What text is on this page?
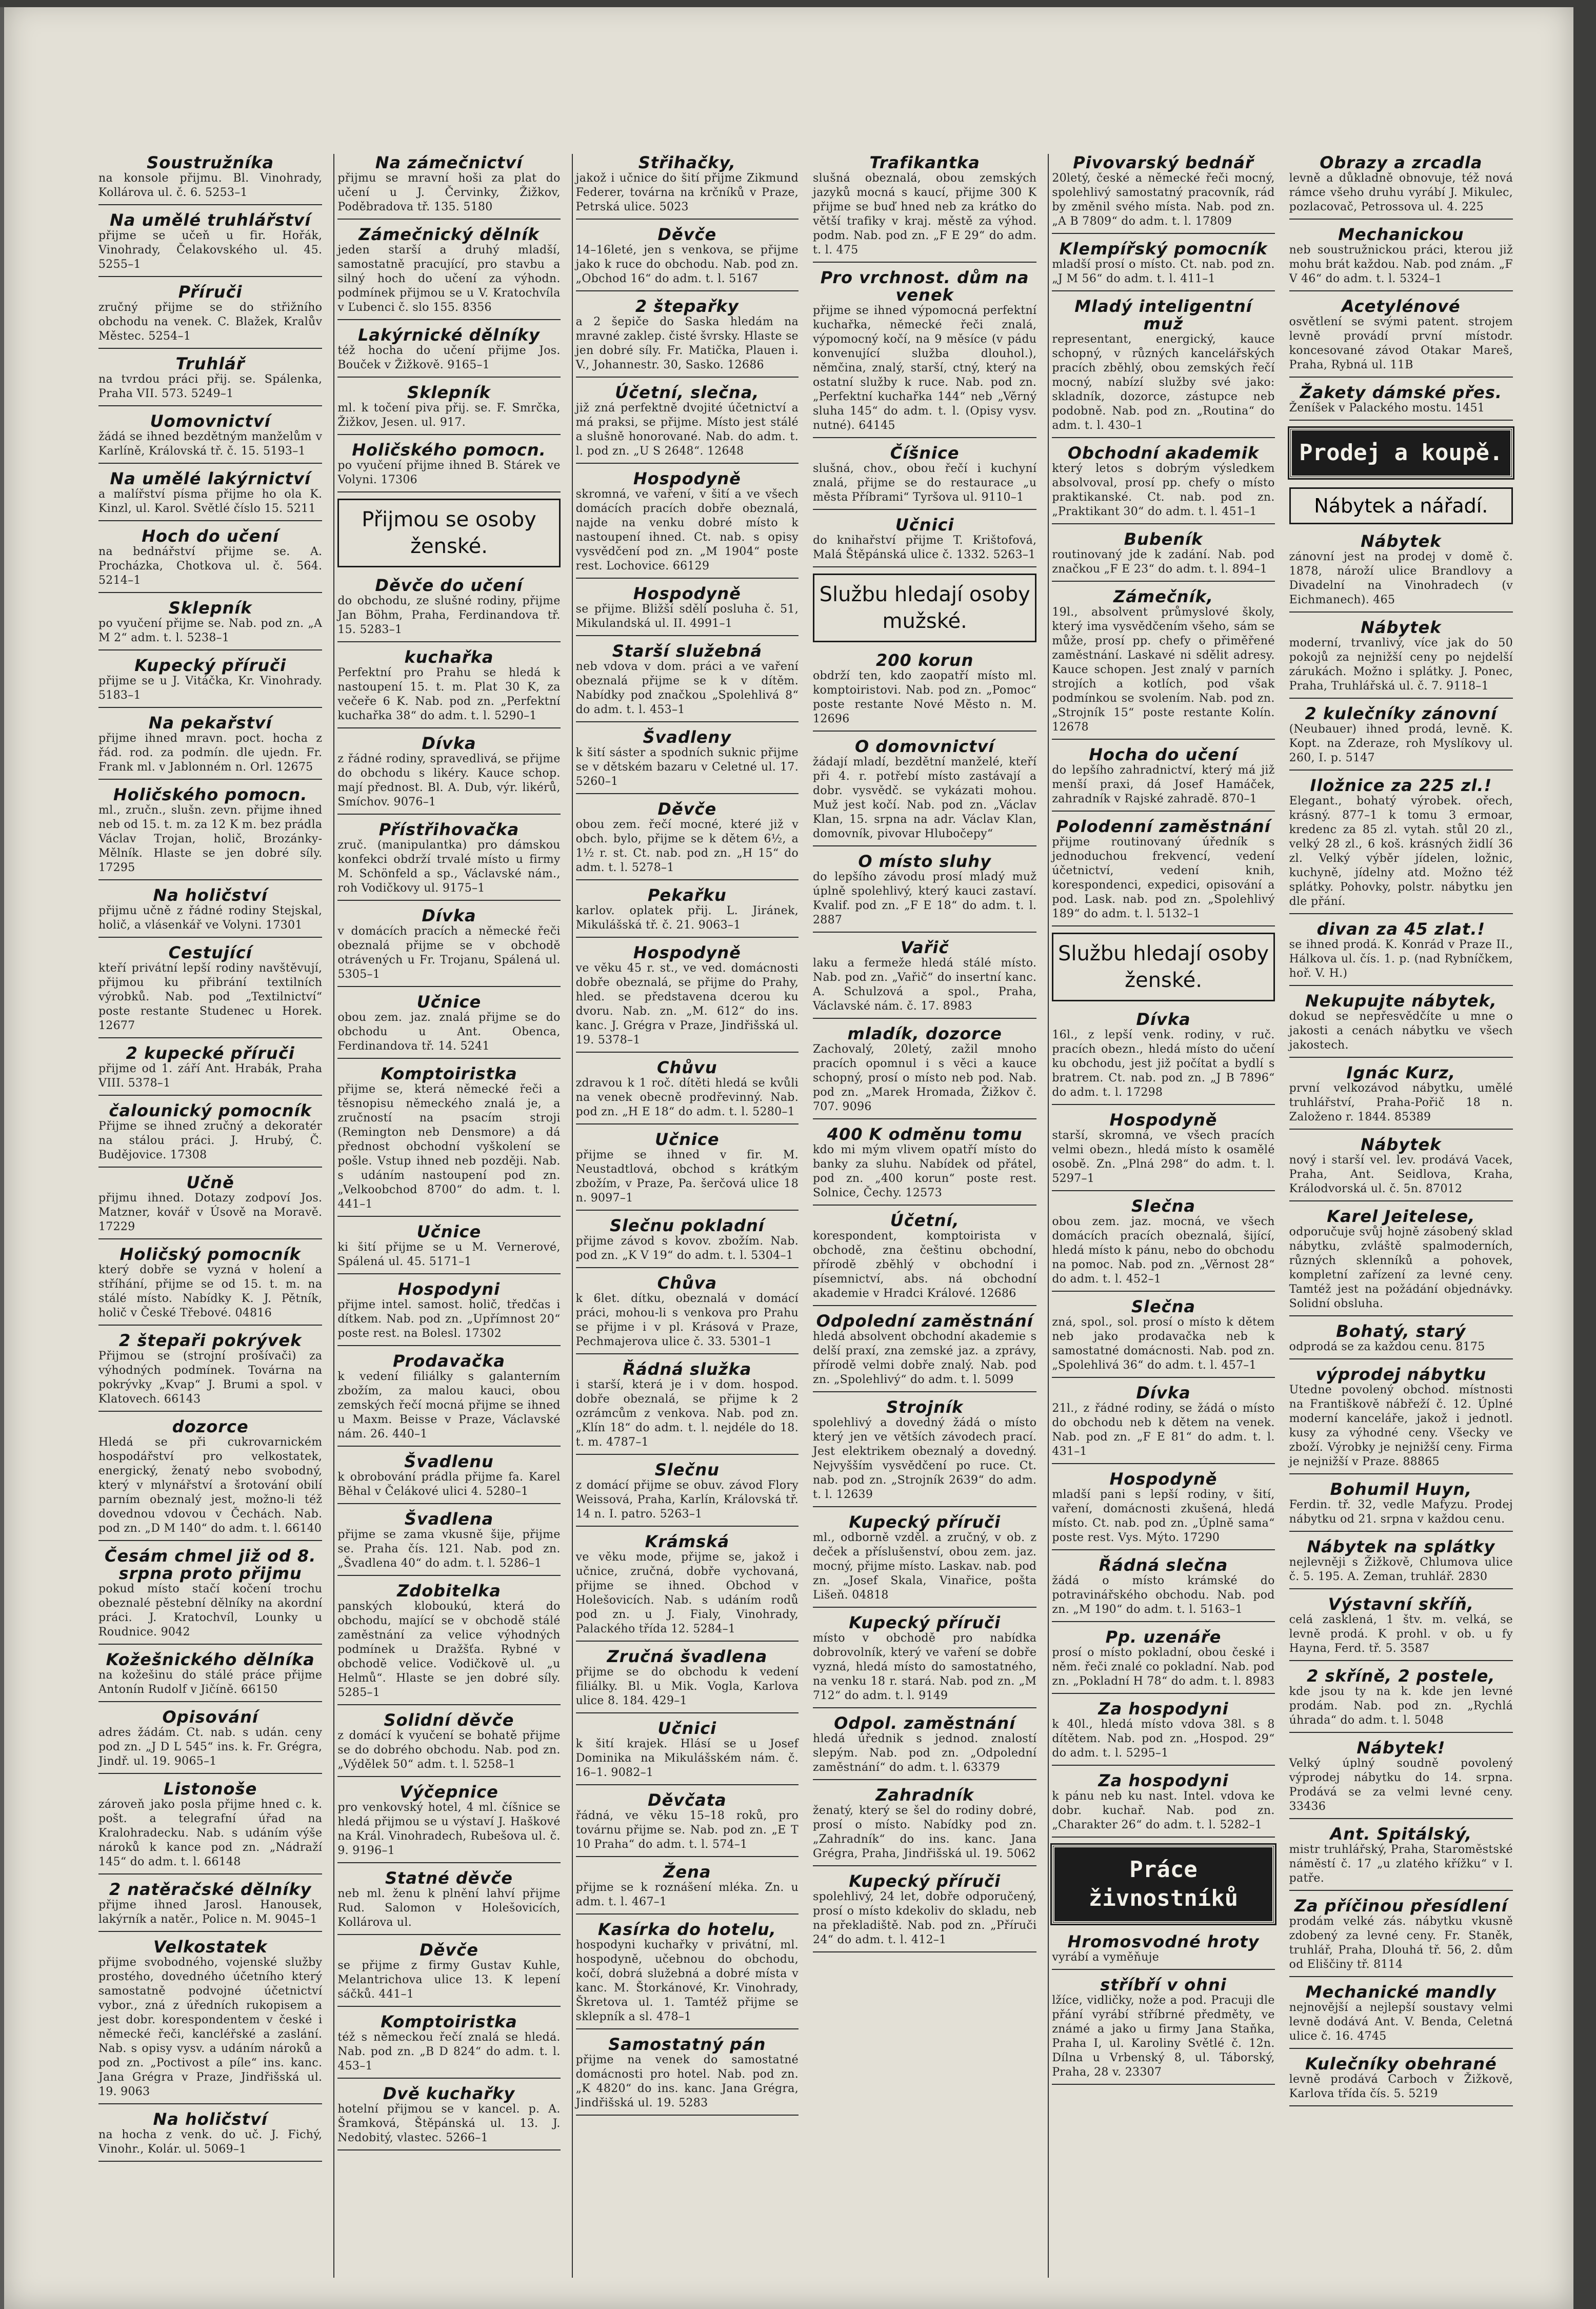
Soustružníka
na konsole přijmu. Bl. Vinohrady, Kollárova ul. č. 6. 5253–1
Na umělé truhlářství
přijme se učeň u fir. Hořák, Vinohrady, Čelakovského ul. 45. 5255–1
Příruči
zručný přijme se do střižního obchodu na venek. C. Blažek, Kralův Městec. 5254–1
Truhlář
na tvrdou práci přij. se. Spálenka, Praha VII. 573. 5249–1
Uomovnictví
žádá se ihned bezdětným manželům v Karlíně, Královská tř. č. 15. 5193–1
Na umělé lakýrnictví
a malířství písma přijme ho ola K. Kinzl, ul. Karol. Světlé číslo 15. 5211
Hoch do učení
na bednářství přijme se. A. Procházka, Chotkova ul. č. 564. 5214–1
Sklepník
po vyučení přijme se. Nab. pod zn. „A M 2“ adm. t. l. 5238–1
Kupecký příruči
přijme se u J. Vitáčka, Kr. Vinohrady. 5183–1
Na pekařství
přijme ihned mravn. poct. hocha z řád. rod. za podmín. dle ujedn. Fr. Frank ml. v Jablonném n. Orl. 12675
Holičského pomocn.
ml., zručn., slušn. zevn. přijme ihned neb od 15. t. m. za 12 K m. bez prádla Václav Trojan, holič, Brozánky-Mělník. Hlaste se jen dobré síly. 17295
Na holičství
přijmu učně z řádné rodiny Stejskal, holič, a vlásenkář ve Volyni. 17301
Cestující
kteří privátní lepší rodiny navštěvují, přijmou ku přibrání textilních výrobků. Nab. pod „Textilnictví“ poste restante Studenec u Horek. 12677
2 kupecké příruči
přijme od 1. září Ant. Hrabák, Praha VIII. 5378–1
čalounický pomocník
Přijme se ihned zručný a dekoratér na stálou práci. J. Hrubý, Č. Budějovice. 17308
Učně
přijmu ihned. Dotazy zodpoví Jos. Matzner, kovář v Úsově na Moravě. 17229
Holičský pomocník
který dobře se vyzná v holení a stříhání, přijme se od 15. t. m. na stálé místo. Nabídky K. J. Pětník, holič v České Třebové. 04816
2 štepaři pokrývek
Přijmou se (strojní prošívači) za výhodných podmínek. Továrna na pokrývky „Kvap“ J. Brumi a spol. v Klatovech. 66143
dozorce
Hledá se při cukrovarnickém hospodářství pro velkostatek, energický, ženatý nebo svobodný, který v mlynářství a šrotování obilí parním obeznalý jest, možno-li též dovednou vdovou v Čechách. Nab. pod zn. „D M 140“ do adm. t. l. 66140
Česám chmel již od 8. srpna proto přijmu
pokud místo stačí kočení trochu obeznalé pěstební dělníky na akordní práci. J. Kratochvíl, Lounky u Roudnice. 9042
Kožešnického dělníka
na kožešinu do stálé práce přijme Antonín Rudolf v Jičíně. 66150
Opisování
adres žádám. Ct. nab. s udán. ceny pod zn. „J D L 545“ ins. k. Fr. Grégra, Jindř. ul. 19. 9065–1
Listonoše
zároveň jako posla přijme hned c. k. pošt. a telegrafní úřad na Kralohradecku. Nab. s udáním výše nároků k kance pod zn. „Nádraží 145“ do adm. t. l. 66148
2 natěračské dělníky
přijme ihned Jarosl. Hanousek, lakýrník a natěr., Police n. M. 9045–1
Velkostatek
přijme svobodného, vojenské služby prostého, dovedného účetního který samostatně podvojné účetnictví vybor., zná z úředních rukopisem a jest dobr. korespondentem v české i německé řeči, kancléřské a zaslání. Nab. s opisy vysv. a udáním nároků a pod zn. „Poctivost a píle“ ins. kanc. Jana Grégra v Praze, Jindřišská ul. 19. 9063
Na holičství
na hocha z venk. do uč. J. Fichý, Vinohr., Kolár. ul. 5069–1
Na zámečnictví
přijmu se mravní hoši za plat do učení u J. Červinky, Žižkov, Poděbradova tř. 135. 5180
Zámečnický dělník
jeden starší a druhý mladší, samostatně pracující, pro stavbu a silný hoch do učení za výhodn. podmínek přijmou se u V. Kratochvíla v Ľubenci č. slo 155. 8356
Lakýrnické dělníky
též hocha do učení přijme Jos. Bouček v Žižkově. 9165–1
Sklepník
ml. k točení piva přij. se. F. Smrčka, Žižkov, Jesen. ul. 917.
Holičského pomocn.
po vyučení přijme ihned B. Stárek ve Volyni. 17306
Přijmou se osoby ženské.
Děvče do učení
do obchodu, ze slušné rodiny, přijme Jan Böhm, Praha, Ferdinandova tř. 15. 5283–1
kuchařka
Perfektní pro Prahu se hledá k nastoupení 15. t. m. Plat 30 K, za večeře 6 K. Nab. pod zn. „Perfektní kuchařka 38“ do adm. t. l. 5290–1
Dívka
z řádné rodiny, spravedlivá, se přijme do obchodu s likéry. Kauce schop. mají přednost. Bl. A. Dub, výr. likérů, Smíchov. 9076–1
Přístřihovačka
zruč. (manipulantka) pro dámskou konfekci obdrží trvalé místo u firmy M. Schönfeld a sp., Václavské nám., roh Vodičkovy ul. 9175–1
Dívka
v domácích pracích a německé řeči obeznalá přijme se v obchodě otrávených u Fr. Trojanu, Spálená ul. 5305–1
Učnice
obou zem. jaz. znalá přijme se do obchodu u Ant. Obenca, Ferdinandova tř. 14. 5241
Komptoiristka
přijme se, která německé řeči a těsnopisu německého znalá je, a zručností na psacím stroji (Remington neb Densmore) a dá přednost obchodní vyškolení se pošle. Vstup ihned neb později. Nab. s udáním nastoupení pod zn. „Velkoobchod 8700“ do adm. t. l. 441–1
Učnice
ki šití přijme se u M. Vernerové, Spálená ul. 45. 5171–1
Hospodyni
přijme intel. samost. holič, tředčas i dítkem. Nab. pod zn. „Upřímnost 20“ poste rest. na Bolesl. 17302
Prodavačka
k vedení filiálky s galanterním zbožím, za malou kauci, obou zemských řečí mocná přijme se ihned u Maxm. Beisse v Praze, Václavské nám. 26. 440–1
Švadlenu
k obrobování prádla přijme fa. Karel Běhal v Čelákové ulici 4. 5280–1
Švadlena
přijme se zama vkusně šije, přijme se. Praha čís. 121. Nab. pod zn. „Švadlena 40“ do adm. t. l. 5286–1
Zdobitelka
panských kloboukú, která do obchodu, mající se v obchodě stálé zaměstnání za velice výhodných podmínek u Dražšťa. Rybné v obchodě velice. Vodičkově ul. „u Helmů“. Hlaste se jen dobré síly. 5285–1
Solidní děvče
z domácí k vyučení se bohatě přijme se do dobrého obchodu. Nab. pod zn. „Výdělek 50“ adm. t. l. 5258–1
Výčepnice
pro venkovský hotel, 4 ml. číšnice se hledá přijmou se u výstaví J. Haškové na Král. Vinohradech, Rubešova ul. č. 9. 9196–1
Statné děvče
neb ml. ženu k plnění lahví přijme Rud. Salomon v Holešovicích, Kollárova ul.
Děvče
se přijme z firmy Gustav Kuhle, Melantrichova ulice 13. K lepení sáčků. 441–1
Komptoiristka
též s německou řečí znalá se hledá. Nab. pod zn. „B D 824“ do adm. t. l. 453–1
Dvě kuchařky
hotelní přijmou se v kancel. p. A. Šramková, Štěpánská ul. 13. J. Nedobitý, vlastec. 5266–1
Střihačky,
jakož i učnice do šití přijme Zikmund Federer, továrna na krčníků v Praze, Petrská ulice. 5023
Děvče
14–16leté, jen s venkova, se přijme jako k ruce do obchodu. Nab. pod zn. „Obchod 16“ do adm. t. l. 5167
2 štepařky
a 2 šepiče do Saska hledám na mravné zaklep. čisté švrsky. Hlaste se jen dobré síly. Fr. Matička, Plauen i. V., Johannestr. 30, Sasko. 12686
Účetní, slečna,
již zná perfektně dvojité účetnictví a má praksi, se přijme. Místo jest stálé a slušně honorované. Nab. do adm. t. l. pod zn. „U S 2648“. 12648
Hospodyně
skromná, ve vaření, v šití a ve všech domácích pracích dobře obeznalá, najde na venku dobré místo k nastoupení ihned. Ct. nab. s opisy vysvědčení pod zn. „M 1904“ poste rest. Lochovice. 66129
Hospodyně
se přijme. Bližší sdělí posluha č. 51, Mikulandská ul. II. 4991–1
Starší služebná
neb vdova v dom. práci a ve vaření obeznalá přijme se k v dítěm. Nabídky pod značkou „Spolehlivá 8“ do adm. t. l. 453–1
Švadleny
k šití sáster a spodních suknic přijme se v dětském bazaru v Celetné ul. 17. 5260–1
Děvče
obou zem. řečí mocné, které již v obch. bylo, přijme se k dětem 6½, a 1½ r. st. Ct. nab. pod zn. „H 15“ do adm. t. l. 5278–1
Pekařku
karlov. oplatek přij. L. Jiránek, Mikulášská tř. č. 21. 9063–1
Hospodyně
ve věku 45 r. st., ve ved. domácnosti dobře obeznalá, se přijme do Prahy, hled. se představena dcerou ku dvoru. Nab. zn. „M. 612“ do ins. kanc. J. Grégra v Praze, Jindřišská ul. 19. 5378–1
Chůvu
zdravou k 1 roč. dítěti hledá se kvůli na venek obecně prodřevinný. Nab. pod zn. „H E 18“ do adm. t. l. 5280–1
Učnice
přijme se ihned v fir. M. Neustadtlová, obchod s krátkým zbožím, v Praze, Pa. šerčová ulice 18 n. 9097–1
Slečnu pokladní
přijme závod s kovov. zbožím. Nab. pod zn. „K V 19“ do adm. t. l. 5304–1
Chůva
k 6let. dítku, obeznalá v domácí práci, mohou-li s venkova pro Prahu se přijme i v pl. Krásová v Praze, Pechmajerova ulice č. 33. 5301–1
Řádná služka
i starší, která je i v dom. hospod. dobře obeznalá, se přijme k 2 ozrámcům z venkova. Nab. pod zn. „Klín 18“ do adm. t. l. nejdéle do 18. t. m. 4787–1
Slečnu
z domácí přijme se obuv. závod Flory Weissová, Praha, Karlín, Královská tř. 14 n. I. patro. 5263–1
Krámská
ve věku mode, přijme se, jakož i učnice, zručná, dobře vychovaná, přijme se ihned. Obchod v Holešovicích. Nab. s udáním rodů pod zn. u J. Fialy, Vinohrady, Palackého třída 12. 5284–1
Zručná švadlena
přijme se do obchodu k vedení filiálky. Bl. u Mik. Vogla, Karlova ulice 8. 184. 429–1
Učnici
k šití krajek. Hlásí se u Josef Dominika na Mikulášském nám. č. 16–1. 9082–1
Děvčata
řádná, ve věku 15–18 roků, pro továrnu přijme se. Nab. pod zn. „E T 10 Praha“ do adm. t. l. 574–1
Žena
přijme se k roznášení mléka. Zn. u adm. t. l. 467–1
Kasírka do hotelu,
hospodyni kuchařky v privátní, ml. hospodyně, učebnou do obchodu, kočí, dobrá služebná a dobré místa v kanc. M. Štorkánové, Kr. Vinohrady, Škretova ul. 1. Tamtéž přijme se sklepník a sl. 478–1
Samostatný pán
přijme na venek do samostatné domácnosti pro hotel. Nab. pod zn. „K 4820“ do ins. kanc. Jana Grégra, Jindřišská ul. 19. 5283
Trafikantka
slušná obeznalá, obou zemských jazyků mocná s kaucí, přijme 300 K přijme se buď hned neb za krátko do větší trafiky v kraj. městě za výhod. podm. Nab. pod zn. „F E 29“ do adm. t. l. 475
Pro vrchnost. dům na venek
přijme se ihned výpomocná perfektní kuchařka, německé řeči znalá, výpomocný kočí, na 9 měsíce (v pádu konvenující služba dlouhol.), němčina, znalý, starší, ctný, který na ostatní služby k ruce. Nab. pod zn. „Perfektní kuchařka 144“ neb „Věrný sluha 145“ do adm. t. l. (Opisy vysv. nutné). 64145
Číšnice
slušná, chov., obou řečí i kuchyní znalá, přijme se do restaurace „u města Příbrami“ Tyršova ul. 9110–1
Učnici
do knihařství přijme T. Krištofová, Malá Štěpánská ulice č. 1332. 5263–1
Službu hledají osoby mužské.
200 korun
obdrží ten, kdo zaopatří místo ml. komptoiristovi. Nab. pod zn. „Pomoc“ poste restante Nové Město n. M. 12696
O domovnictví
žádají mladí, bezdětní manželé, kteří při 4. r. potřebí místo zastávají a dobr. vysvědč. se vykázati mohou. Muž jest kočí. Nab. pod zn. „Václav Klan, 15. srpna na adr. Václav Klan, domovník, pivovar Hlubočepy“
O místo sluhy
do lepšího závodu prosí mladý muž úplně spolehlivý, který kauci zastaví. Kvalif. pod zn. „F E 18“ do adm. t. l. 2887
Vařič
laku a fermeže hledá stálé místo. Nab. pod zn. „Vařič“ do insertní kanc. A. Schulzová a spol., Praha, Václavské nám. č. 17. 8983
mladík, dozorce
Zachovalý, 20letý, zažil mnoho pracích opomnul i s věci a kauce schopný, prosí o místo neb pod. Nab. pod zn. „Marek Hromada, Žižkov č. 707. 9096
400 K odměnu tomu
kdo mi mým vlivem opatří místo do banky za sluhu. Nabídek od přátel, pod zn. „400 korun“ poste rest. Solnice, Čechy. 12573
Účetní,
korespondent, komptoirista v obchodě, zna češtinu obchodní, přírodě zběhlý v obchodní i písemnictví, abs. ná obchodní akademie v Hradci Králové. 12686
Odpolední zaměstnání
hledá absolvent obchodní akademie s delší praxí, zna zemské jaz. a zprávy, přírodě velmi dobře znalý. Nab. pod zn. „Spolehlivý“ do adm. t. l. 5099
Strojník
spolehlivý a dovedný žádá o místo který jen ve větších závodech prací. Jest elektrikem obeznalý a dovedný. Nejvyšším vysvědčení po ruce. Ct. nab. pod zn. „Strojník 2639“ do adm. t. l. 12639
Kupecký příruči
ml., odborně vzděl. a zručný, v ob. z deček a příslušenství, obou zem. jaz. mocný, přijme místo. Laskav. nab. pod zn. „Josef Skala, Vinařice, pošta Lišeň. 04818
Kupecký příruči
místo v obchodě pro nabídka dobrovolník, který ve vaření se dobře vyzná, hledá místo do samostatného, na venku 18 r. stará. Nab. pod zn. „M 712“ do adm. t. l. 9149
Odpol. zaměstnání
hledá úřednik s jednod. znalostí slepým. Nab. pod zn. „Odpolední zaměstnání“ do adm. t. l. 63379
Zahradník
ženatý, který se šel do rodiny dobré, prosí o místo. Nabídky pod zn. „Zahradník“ do ins. kanc. Jana Grégra, Praha, Jindřišská ul. 19. 5062
Kupecký příruči
spolehlivý, 24 let, dobře odporučený, prosí o místo kdekoliv do skladu, neb na překladiště. Nab. pod zn. „Příruči 24“ do adm. t. l. 412–1
Pivovarský bednář
20letý, české a německé řeči mocný, spolehlivý samostatný pracovník, rád by změnil svého místa. Nab. pod zn. „A B 7809“ do adm. t. l. 17809
Klempířský pomocník
mladší prosí o místo. Ct. nab. pod zn. „J M 56“ do adm. t. l. 411–1
Mladý inteligentní muž
representant, energický, kauce schopný, v různých kancelářských pracích zběhlý, obou zemských řečí mocný, nabízí služby své jako: skladník, dozorce, zástupce neb podobně. Nab. pod zn. „Routina“ do adm. t. l. 430–1
Obchodní akademik
který letos s dobrým výsledkem absolvoval, prosí pp. chefy o místo praktikanské. Ct. nab. pod zn. „Praktikant 30“ do adm. t. l. 451–1
Bubeník
routinovaný jde k zadání. Nab. pod značkou „F E 23“ do adm. t. l. 894–1
Zámečník,
19l., absolvent průmyslové školy, který ima vysvědčením všeho, sám se může, prosí pp. chefy o přiměřené zaměstnání. Laskavé ni sdělit adresy. Kauce schopen. Jest znalý v parních strojích a kotlích, pod však podmínkou se svolením. Nab. pod zn. „Strojník 15“ poste restante Kolín. 12678
Hocha do učení
do lepšího zahradnictví, který má již menší praxi, dá Josef Hamáček, zahradník v Rajské zahradě. 870–1
Polodenní zaměstnání
přijme routinovaný úředník s jednoduchou frekvencí, vedení účetnictví, vedení knih, korespondenci, expedici, opisování a pod. Lask. nab. pod zn. „Spolehlivý 189“ do adm. t. l. 5132–1
Službu hledají osoby ženské.
Dívka
16l., z lepší venk. rodiny, v ruč. pracích obezn., hledá místo do učení ku obchodu, jest již počítat a bydlí s bratrem. Ct. nab. pod zn. „J B 7896“ do adm. t. l. 17298
Hospodyně
starší, skromná, ve všech pracích velmi obezn., hledá místo k osamělé osobě. Zn. „Plná 298“ do adm. t. l. 5297–1
Slečna
obou zem. jaz. mocná, ve všech domácích pracích obeznalá, šijící, hledá místo k pánu, nebo do obchodu na pomoc. Nab. pod zn. „Věrnost 28“ do adm. t. l. 452–1
Slečna
zná, spol., sol. prosí o místo k dětem neb jako prodavačka neb k samostatné domácnosti. Nab. pod zn. „Spolehlivá 36“ do adm. t. l. 457–1
Dívka
21l., z řádné rodiny, se žádá o místo do obchodu neb k dětem na venek. Nab. pod zn. „F E 81“ do adm. t. l. 431–1
Hospodyně
mladší pani s lepší rodiny, v šití, vaření, domácnosti zkušená, hledá místo. Ct. nab. pod zn. „Úplně sama“ poste rest. Vys. Mýto. 17290
Řádná slečna
žádá o místo krámské do potravinářského obchodu. Nab. pod zn. „M 190“ do adm. t. l. 5163–1
Pp. uzenáře
prosí o místo pokladní, obou české i něm. řeči znalé co pokladní. Nab. pod zn. „Pokladní H 78“ do adm. t. l. 8983
Za hospodyni
k 40l., hledá místo vdova 38l. s 8 dítětem. Nab. pod zn. „Hospod. 29“ do adm. t. l. 5295–1
Za hospodyni
k pánu neb ku nast. Intel. vdova ke dobr. kuchař. Nab. pod zn. „Charakter 26“ do adm. t. l. 5282–1
Práce živnostníků
Hromosvodné hroty
vyrábí a vyměňuje
stříbří v ohni
lžíce, vidličky, nože a pod. Pracuji dle přání vyrábí stříbrné předměty, ve známé a jako u firmy Jana Staňka, Praha I, ul. Karoliny Světlé č. 12n. Dílna u Vrbenský 8, ul. Táborský, Praha, 28 v. 23307
Obrazy a zrcadla
levně a důkladně obnovuje, též nová rámce všeho druhu vyrábí J. Mikulec, pozlacovač, Petrossova ul. 4. 225
Mechanickou
neb soustružnickou práci, kterou již mohu brát každou. Nab. pod znám. „F V 46“ do adm. t. l. 5324–1
Acetylénové
osvětlení se svými patent. strojem levně provádí první místodr. koncesované závod Otakar Mareš, Praha, Rybná ul. 11B
Žakety dámské přes.
Ženíšek v Palackého mostu. 1451
Prodej a koupě.
Nábytek a nářadí.
Nábytek
zánovní jest na prodej v domě č. 1878, nároží ulice Brandlovy a Divadelní na Vinohradech (v Eichmanech). 465
Nábytek
moderní, trvanlivý, více jak do 50 pokojů za nejnižší ceny po nejdelší zárukách. Možno i splátky. J. Ponec, Praha, Truhlářská ul. č. 7. 9118–1
2 kulečníky zánovní
(Neubauer) ihned prodá, levně. K. Kopt. na Zderaze, roh Myslíkovy ul. 260, I. p. 5147
Iložnice za 225 zl.!
Elegant., bohatý výrobek. ořech, krásný. 877–1 k tomu 3 ermoar, kredenc za 85 zl. vytah. stůl 20 zl., velký 28 zl., 6 koš. krásných židlí 36 zl. Velký výběr jídelen, ložnic, kuchyně, jídelny atd. Možno též splátky. Pohovky, polstr. nábytku jen dle přání.
divan za 45 zlat.!
se ihned prodá. K. Konrád v Praze II., Hálkova ul. čís. 1. p. (nad Rybníčkem, hoř. V. H.)
Nekupujte nábytek,
dokud se nepřesvědčíte u mne o jakosti a cenách nábytku ve všech jakostech.
Ignác Kurz,
první velkozávod nábytku, umělé truhlářství, Praha-Pořič 18 n. Založeno r. 1844. 85389
Nábytek
nový i starší vel. lev. prodává Vacek, Praha, Ant. Seidlova, Kraha, Králodvorská ul. č. 5n. 87012
Karel Jeitelese,
odporučuje svůj hojně zásobený sklad nábytku, zvláště spalmoderních, různých sklenníků a pohovek, kompletní zařízení za levné ceny. Tamtéž jest na požádání objednávky. Solidní obsluha.
Bohatý, starý
odprodá se za každou cenu. 8175
výprodej nábytku
Utedne povolený obchod. místnosti na Františkově nábřeží č. 12. Úplné moderní kanceláře, jakož i jednotl. kusy za výhodné ceny. Všecky ve zboží. Výrobky je nejnižší ceny. Firma je nejnižší v Praze. 88865
Bohumil Huyn,
Ferdin. tř. 32, vedle Mafyzu. Prodej nábytku od 21. srpna v každou cenu.
Nábytek na splátky
nejlevněji s Žižkově, Chlumova ulice č. 5. 195. A. Zeman, truhlář. 2830
Výstavní skříň,
celá zasklená, 1 štv. m. velká, se levně prodá. K prohl. v ob. u fy Hayna, Ferd. tř. 5. 3587
2 skříně, 2 postele,
kde jsou ty na k. kde jen levné prodám. Nab. pod zn. „Rychlá úhrada“ do adm. t. l. 5048
Nábytek!
Velký úplný soudně povolený výprodej nábytku do 14. srpna. Prodává se za velmi levné ceny. 33436
Ant. Spitálský,
mistr truhlářský, Praha, Staroměstské náměstí č. 17 „u zlatého křížku“ v I. patře.
Za příčinou přesídlení
prodám velké zás. nábytku vkusně zdobený za levné ceny. Fr. Staněk, truhlář, Praha, Dlouhá tř. 56, 2. dům od Eliščiny tř. 8114
Mechanické mandly
nejnovější a nejlepší soustavy velmi levně dodává Ant. V. Benda, Celetná ulice č. 16. 4745
Kulečníky obehrané
levně prodává Carboch v Žižkově, Karlova třída čís. 5. 5219
